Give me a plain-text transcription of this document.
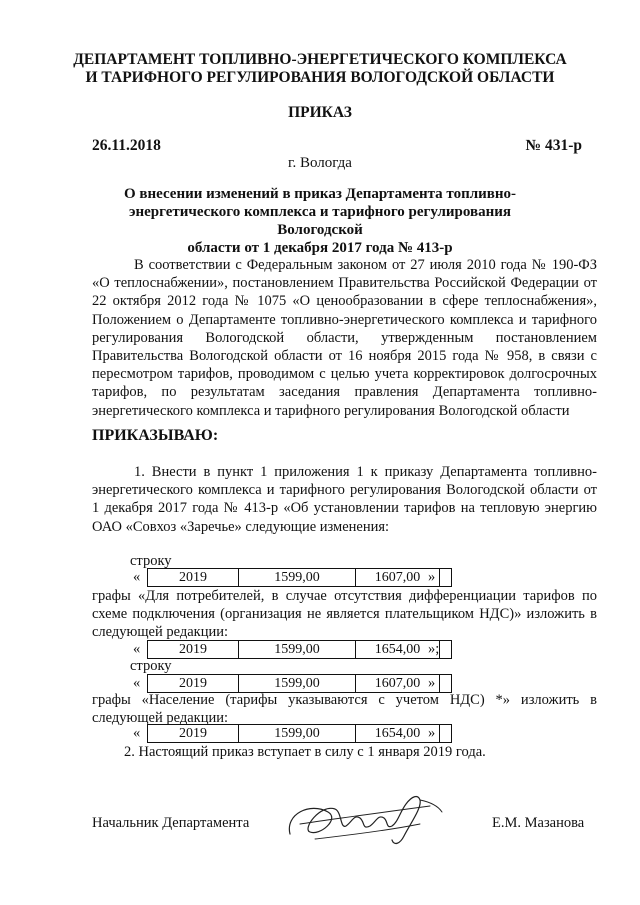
ДЕПАРТАМЕНТ ТОПЛИВНО-ЭНЕРГЕТИЧЕСКОГО КОМПЛЕКСА
И ТАРИФНОГО РЕГУЛИРОВАНИЯ ВОЛОГОДСКОЙ ОБЛАСТИ
ПРИКАЗ
26.11.2018	№ 431-р
г. Вологда
О внесении изменений в приказ Департамента топливно-
энергетического комплекса и тарифного регулирования Вологодской
области от 1 декабря 2017 года № 413-р
В соответствии с Федеральным законом от 27 июля 2010 года № 190-ФЗ «О теплоснабжении», постановлением Правительства Российской Федерации от 22 октября 2012 года № 1075 «О ценообразовании в сфере теплоснабжения», Положением о Департаменте топливно-энергетического комплекса и тарифного регулирования Вологодской области, утвержденным постановлением Правительства Вологодской области от 16 ноября 2015 года № 958, в связи с пересмотром тарифов, проводимом с целью учета корректировок долгосрочных тарифов, по результатам заседания правления Департамента топливно-энергетического комплекса и тарифного регулирования Вологодской области
ПРИКАЗЫВАЮ:
1. Внести в пункт 1 приложения 1 к приказу Департамента топливно-энергетического комплекса и тарифного регулирования Вологодской области от 1 декабря 2017 года № 413-р «Об установлении тарифов на тепловую энергию ОАО «Совхоз «Заречье» следующие изменения:
строку
«	2019	1599,00	1607,00	»
графы «Для потребителей, в случае отсутствия дифференциации тарифов по схеме подключения (организация не является плательщиком НДС)» изложить в следующей редакции:
«	2019	1599,00	1654,00	»;
строку
«	2019	1599,00	1607,00	»
графы «Население (тарифы указываются с учетом НДС) *» изложить в следующей редакции:
«	2019	1599,00	1654,00	»
2. Настоящий приказ вступает в силу с 1 января 2019 года.
Начальник Департамента	Е.М. Мазанова
